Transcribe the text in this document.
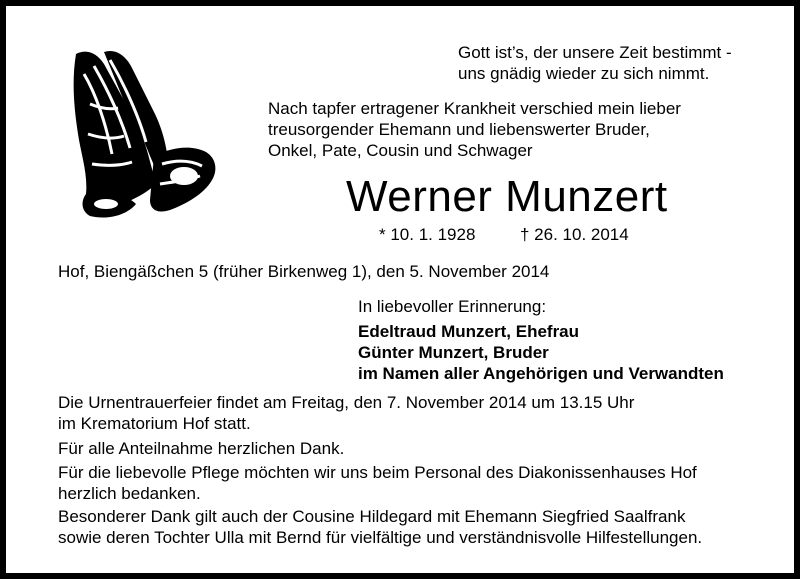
Gott ist’s, der unsere Zeit bestimmt -
uns gnädig wieder zu sich nimmt.

Nach tapfer ertragener Krankheit verschied mein lieber
treusorgender Ehemann und liebenswerter Bruder,
Onkel, Pate, Cousin und Schwager

Werner Munzert

* 10. 1. 1928	† 26. 10. 2014

Hof, Biengäßchen 5 (früher Birkenweg 1), den 5. November 2014

In liebevoller Erinnerung:

Edeltraud Munzert, Ehefrau
Günter Munzert, Bruder
im Namen aller Angehörigen und Verwandten

Die Urnentrauerfeier findet am Freitag, den 7. November 2014 um 13.15 Uhr
im Krematorium Hof statt.

Für alle Anteilnahme herzlichen Dank.

Für die liebevolle Pflege möchten wir uns beim Personal des Diakonissenhauses Hof
herzlich bedanken.

Besonderer Dank gilt auch der Cousine Hildegard mit Ehemann Siegfried Saalfrank
sowie deren Tochter Ulla mit Bernd für vielfältige und verständnisvolle Hilfestellungen.
